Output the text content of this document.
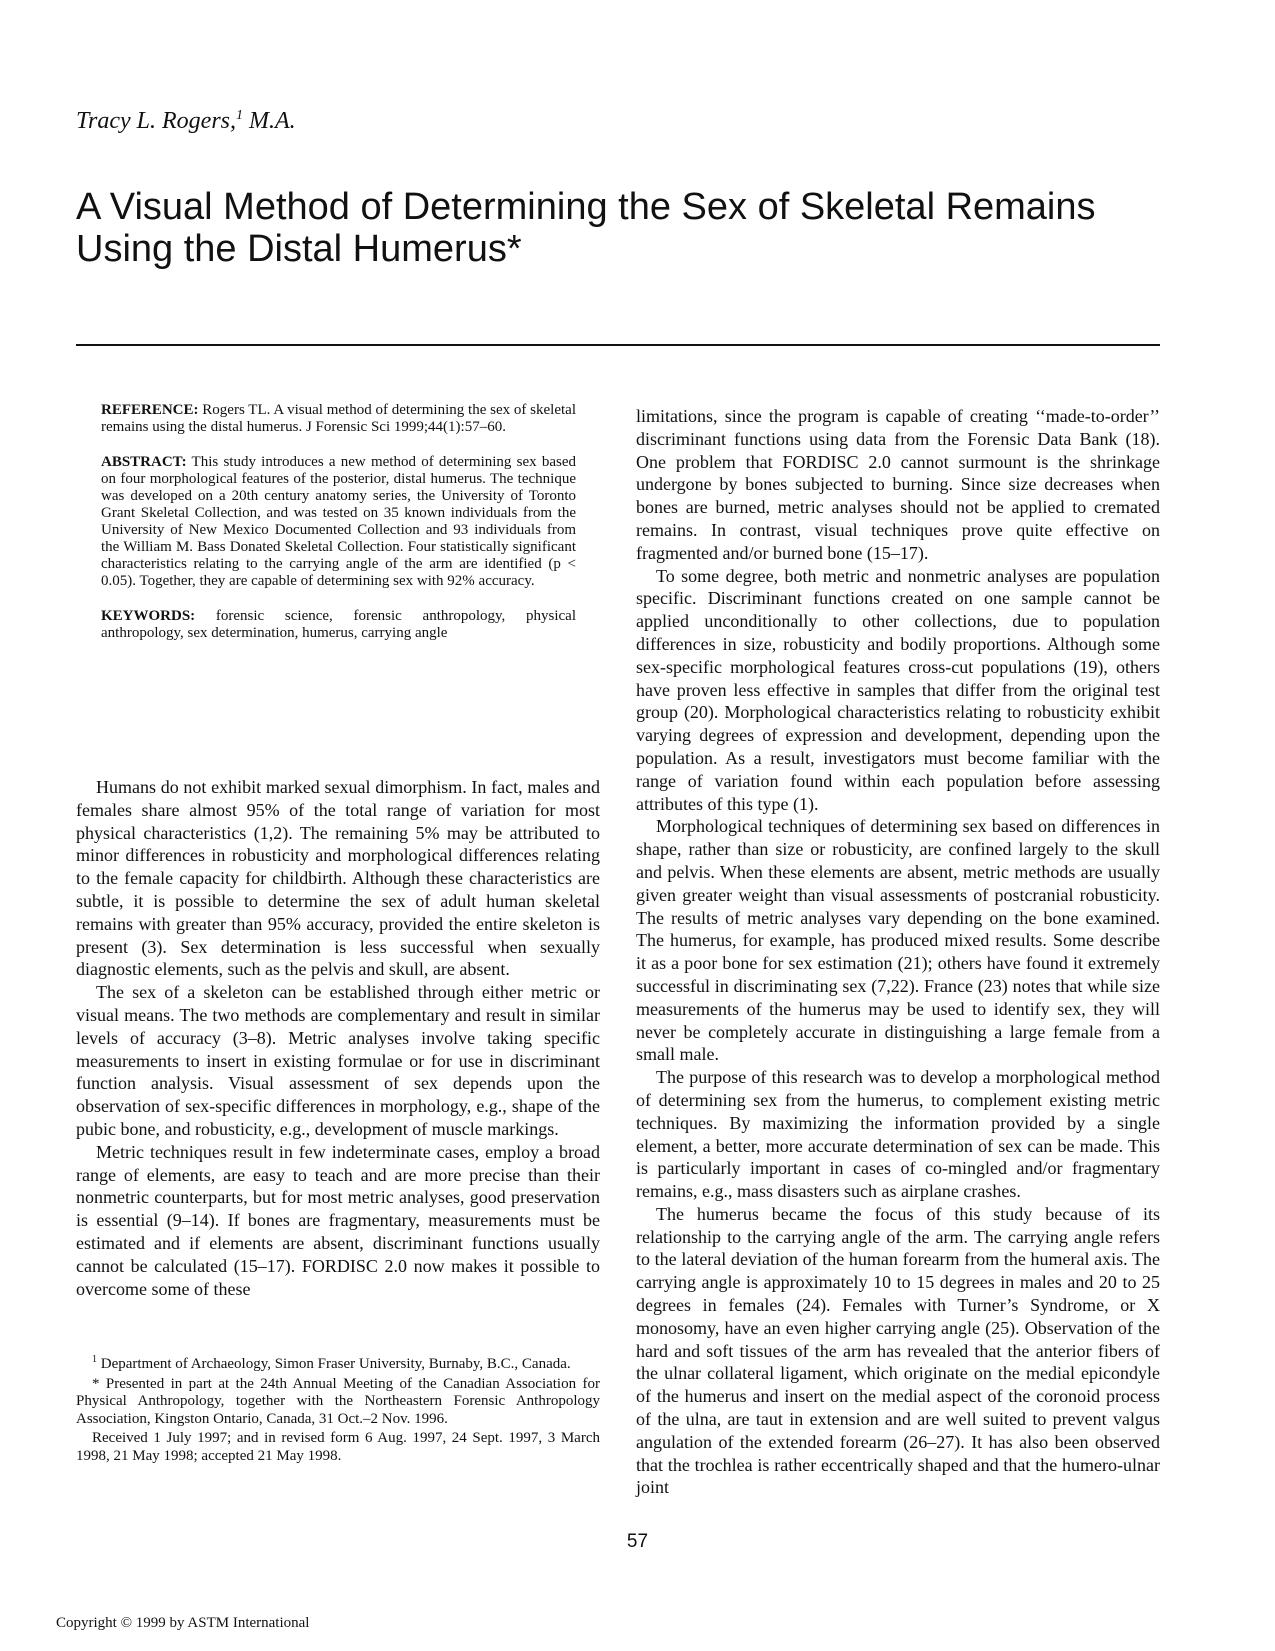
Tracy L. Rogers,$^1$ M.A.
A Visual Method of Determining the Sex of Skeletal Remains Using the Distal Humerus*

REFERENCE: Rogers TL. A visual method of determining the sex of skeletal remains using the distal humerus. J Forensic Sci 1999;44(1):57–60.

ABSTRACT: This study introduces a new method of determining sex based on four morphological features of the posterior, distal humerus. The technique was developed on a 20th century anatomy series, the University of Toronto Grant Skeletal Collection, and was tested on 35 known individuals from the University of New Mexico Documented Collection and 93 individuals from the William M. Bass Donated Skeletal Collection. Four statistically significant characteristics relating to the carrying angle of the arm are identified (p < 0.05). Together, they are capable of determining sex with 92% accuracy.

KEYWORDS: forensic science, forensic anthropology, physical anthropology, sex determination, humerus, carrying angle

Humans do not exhibit marked sexual dimorphism. In fact, males and females share almost 95% of the total range of variation for most physical characteristics (1,2). The remaining 5% may be attributed to minor differences in robusticity and morphological differences relating to the female capacity for childbirth. Although these characteristics are subtle, it is possible to determine the sex of adult human skeletal remains with greater than 95% accuracy, provided the entire skeleton is present (3). Sex determination is less successful when sexually diagnostic elements, such as the pelvis and skull, are absent.

The sex of a skeleton can be established through either metric or visual means. The two methods are complementary and result in similar levels of accuracy (3–8). Metric analyses involve taking specific measurements to insert in existing formulae or for use in discriminant function analysis. Visual assessment of sex depends upon the observation of sex-specific differences in morphology, e.g., shape of the pubic bone, and robusticity, e.g., development of muscle markings.

Metric techniques result in few indeterminate cases, employ a broad range of elements, are easy to teach and are more precise than their nonmetric counterparts, but for most metric analyses, good preservation is essential (9–14). If bones are fragmentary, measurements must be estimated and if elements are absent, discriminant functions usually cannot be calculated (15–17). FORDISC 2.0 now makes it possible to overcome some of these

$^1$ Department of Archaeology, Simon Fraser University, Burnaby, B.C., Canada.

* Presented in part at the 24th Annual Meeting of the Canadian Association for Physical Anthropology, together with the Northeastern Forensic Anthropology Association, Kingston Ontario, Canada, 31 Oct.–2 Nov. 1996.

Received 1 July 1997; and in revised form 6 Aug. 1997, 24 Sept. 1997, 3 March 1998, 21 May 1998; accepted 21 May 1998.

limitations, since the program is capable of creating ‘‘made-to-order’’ discriminant functions using data from the Forensic Data Bank (18). One problem that FORDISC 2.0 cannot surmount is the shrinkage undergone by bones subjected to burning. Since size decreases when bones are burned, metric analyses should not be applied to cremated remains. In contrast, visual techniques prove quite effective on fragmented and/or burned bone (15–17).

To some degree, both metric and nonmetric analyses are population specific. Discriminant functions created on one sample cannot be applied unconditionally to other collections, due to population differences in size, robusticity and bodily proportions. Although some sex-specific morphological features cross-cut populations (19), others have proven less effective in samples that differ from the original test group (20). Morphological characteristics relating to robusticity exhibit varying degrees of expression and development, depending upon the population. As a result, investigators must become familiar with the range of variation found within each population before assessing attributes of this type (1).

Morphological techniques of determining sex based on differences in shape, rather than size or robusticity, are confined largely to the skull and pelvis. When these elements are absent, metric methods are usually given greater weight than visual assessments of postcranial robusticity. The results of metric analyses vary depending on the bone examined. The humerus, for example, has produced mixed results. Some describe it as a poor bone for sex estimation (21); others have found it extremely successful in discriminating sex (7,22). France (23) notes that while size measurements of the humerus may be used to identify sex, they will never be completely accurate in distinguishing a large female from a small male.

The purpose of this research was to develop a morphological method of determining sex from the humerus, to complement existing metric techniques. By maximizing the information provided by a single element, a better, more accurate determination of sex can be made. This is particularly important in cases of co-mingled and/or fragmentary remains, e.g., mass disasters such as airplane crashes.

The humerus became the focus of this study because of its relationship to the carrying angle of the arm. The carrying angle refers to the lateral deviation of the human forearm from the humeral axis. The carrying angle is approximately 10 to 15 degrees in males and 20 to 25 degrees in females (24). Females with Turner’s Syndrome, or X monosomy, have an even higher carrying angle (25). Observation of the hard and soft tissues of the arm has revealed that the anterior fibers of the ulnar collateral ligament, which originate on the medial epicondyle of the humerus and insert on the medial aspect of the coronoid process of the ulna, are taut in extension and are well suited to prevent valgus angulation of the extended forearm (26–27). It has also been observed that the trochlea is rather eccentrically shaped and that the humero-ulnar joint

57
Copyright © 1999 by ASTM International
